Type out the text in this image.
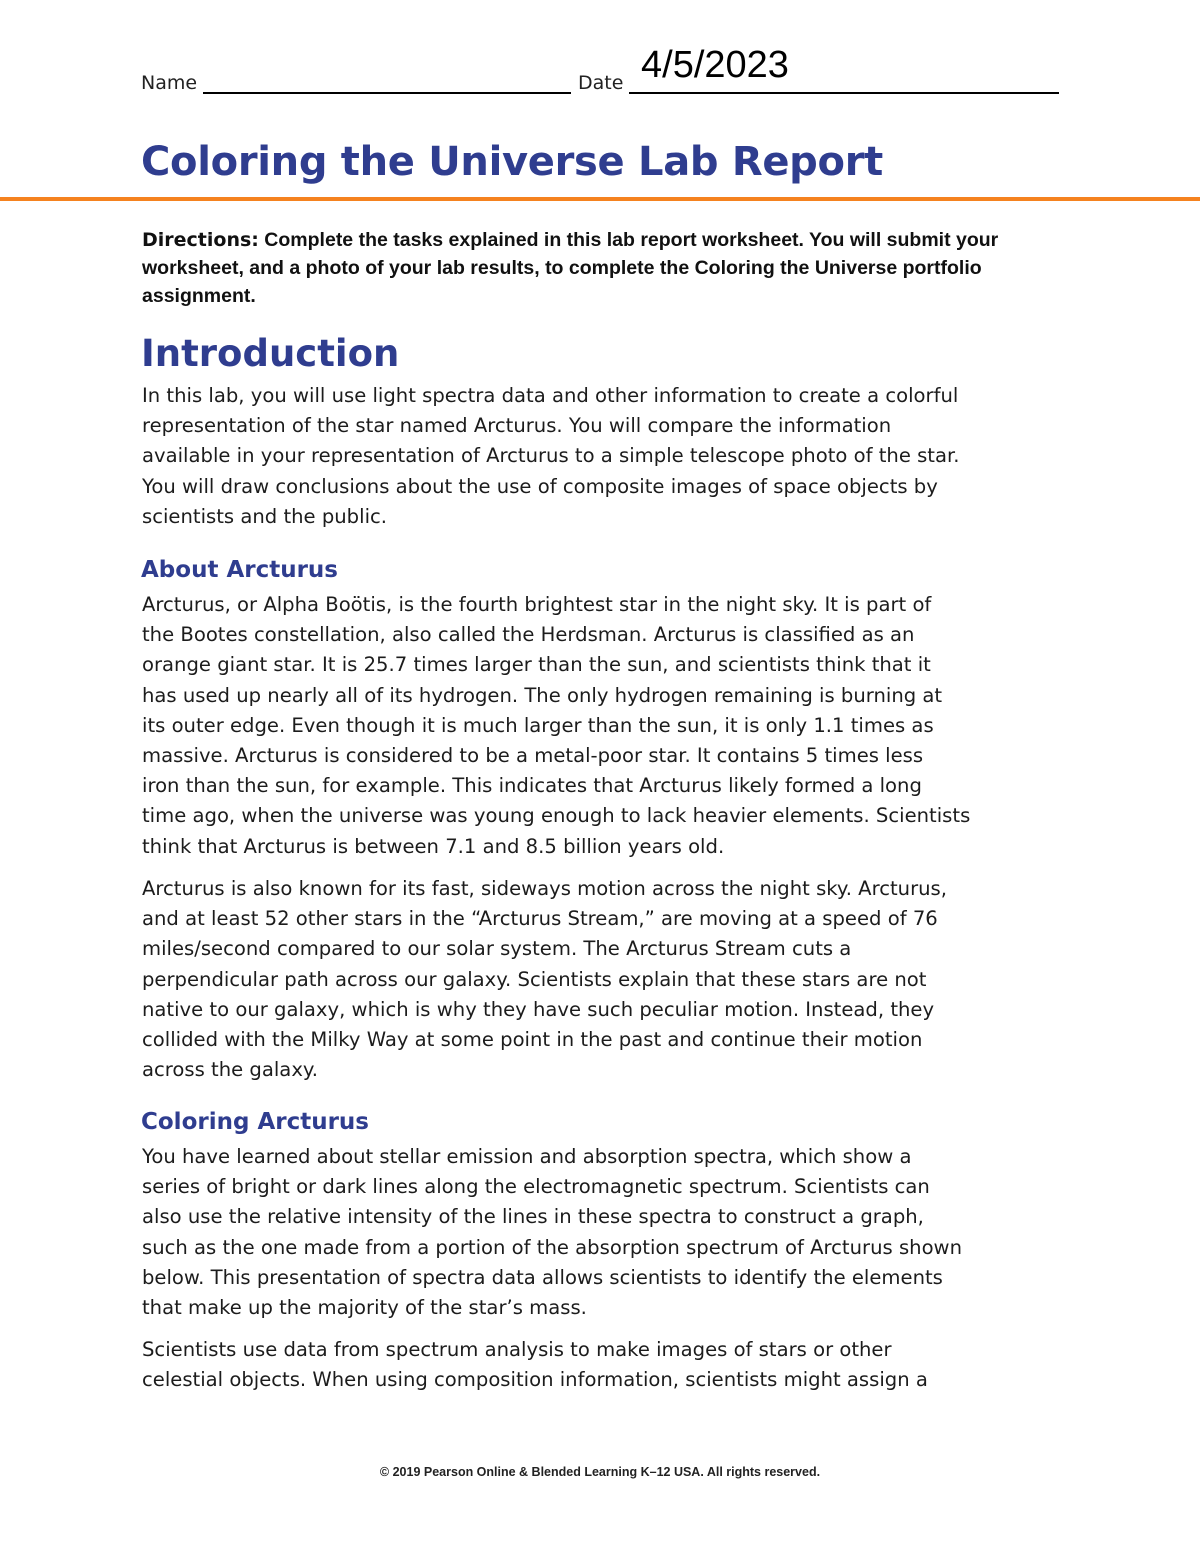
Name	Date 4/5/2023
Coloring the Universe Lab Report
Directions: Complete the tasks explained in this lab report worksheet. You will submit your worksheet, and a photo of your lab results, to complete the Coloring the Universe portfolio assignment.
Introduction
In this lab, you will use light spectra data and other information to create a colorful
representation of the star named Arcturus. You will compare the information
available in your representation of Arcturus to a simple telescope photo of the star.
You will draw conclusions about the use of composite images of space objects by
scientists and the public.
About Arcturus
Arcturus, or Alpha Boötis, is the fourth brightest star in the night sky. It is part of
the Bootes constellation, also called the Herdsman. Arcturus is classified as an
orange giant star. It is 25.7 times larger than the sun, and scientists think that it
has used up nearly all of its hydrogen. The only hydrogen remaining is burning at
its outer edge. Even though it is much larger than the sun, it is only 1.1 times as
massive. Arcturus is considered to be a metal-poor star. It contains 5 times less
iron than the sun, for example. This indicates that Arcturus likely formed a long
time ago, when the universe was young enough to lack heavier elements. Scientists
think that Arcturus is between 7.1 and 8.5 billion years old.
Arcturus is also known for its fast, sideways motion across the night sky. Arcturus,
and at least 52 other stars in the “Arcturus Stream,” are moving at a speed of 76
miles/second compared to our solar system. The Arcturus Stream cuts a
perpendicular path across our galaxy. Scientists explain that these stars are not
native to our galaxy, which is why they have such peculiar motion. Instead, they
collided with the Milky Way at some point in the past and continue their motion
across the galaxy.
Coloring Arcturus
You have learned about stellar emission and absorption spectra, which show a
series of bright or dark lines along the electromagnetic spectrum. Scientists can
also use the relative intensity of the lines in these spectra to construct a graph,
such as the one made from a portion of the absorption spectrum of Arcturus shown
below. This presentation of spectra data allows scientists to identify the elements
that make up the majority of the star’s mass.
Scientists use data from spectrum analysis to make images of stars or other
celestial objects. When using composition information, scientists might assign a
© 2019 Pearson Online & Blended Learning K–12 USA. All rights reserved.
